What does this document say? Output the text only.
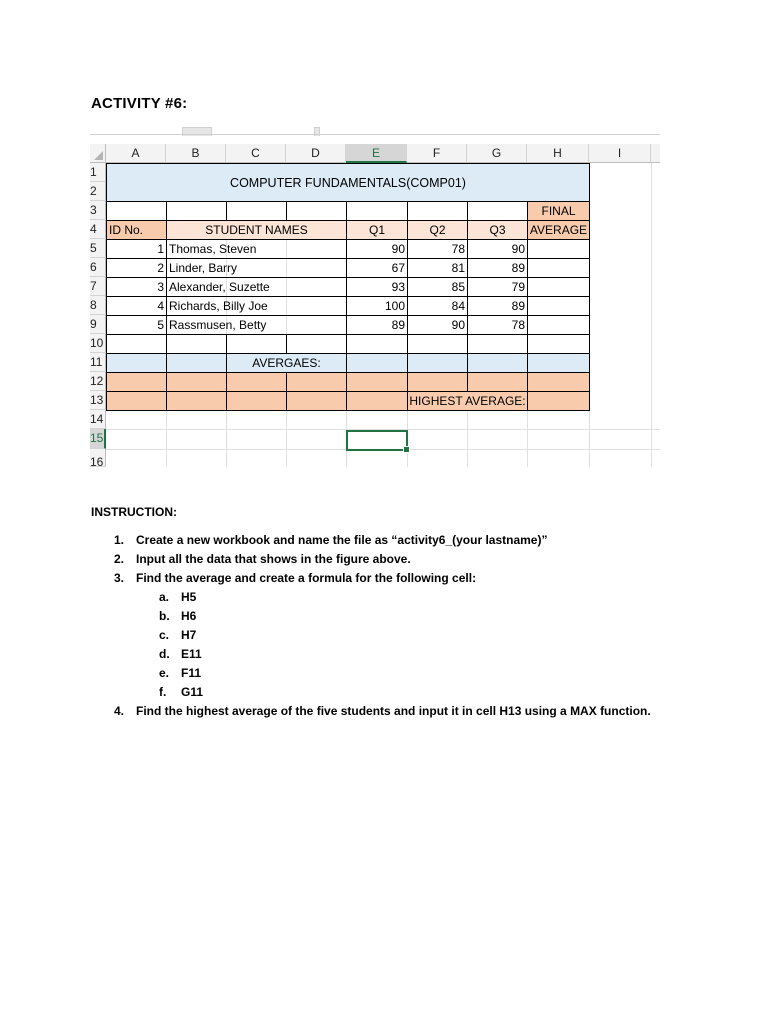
ACTIVITY #6:
A	B	C	D	E	F	G	H	I
1
2
3
4
5
6
7
8
9
10
11
12
13
14
15
16
COMPUTER FUNDAMENTALS(COMP01)
FINAL
ID No.	STUDENT NAMES	Q1	Q2	Q3	AVERAGE
1 Thomas, Steven	90	78	90
2 Linder, Barry	67	81	89
3 Alexander, Suzette	93	85	79
4 Richards, Billy Joe	100	84	89
5 Rassmusen, Betty	89	90	78
AVERGAES:
HIGHEST AVERAGE:
INSTRUCTION:
1. Create a new workbook and name the file as “activity6_(your lastname)”
2. Input all the data that shows in the figure above.
3. Find the average and create a formula for the following cell:
a. H5
b. H6
c. H7
d. E11
e. F11
f. G11
4. Find the highest average of the five students and input it in cell H13 using a MAX function.
